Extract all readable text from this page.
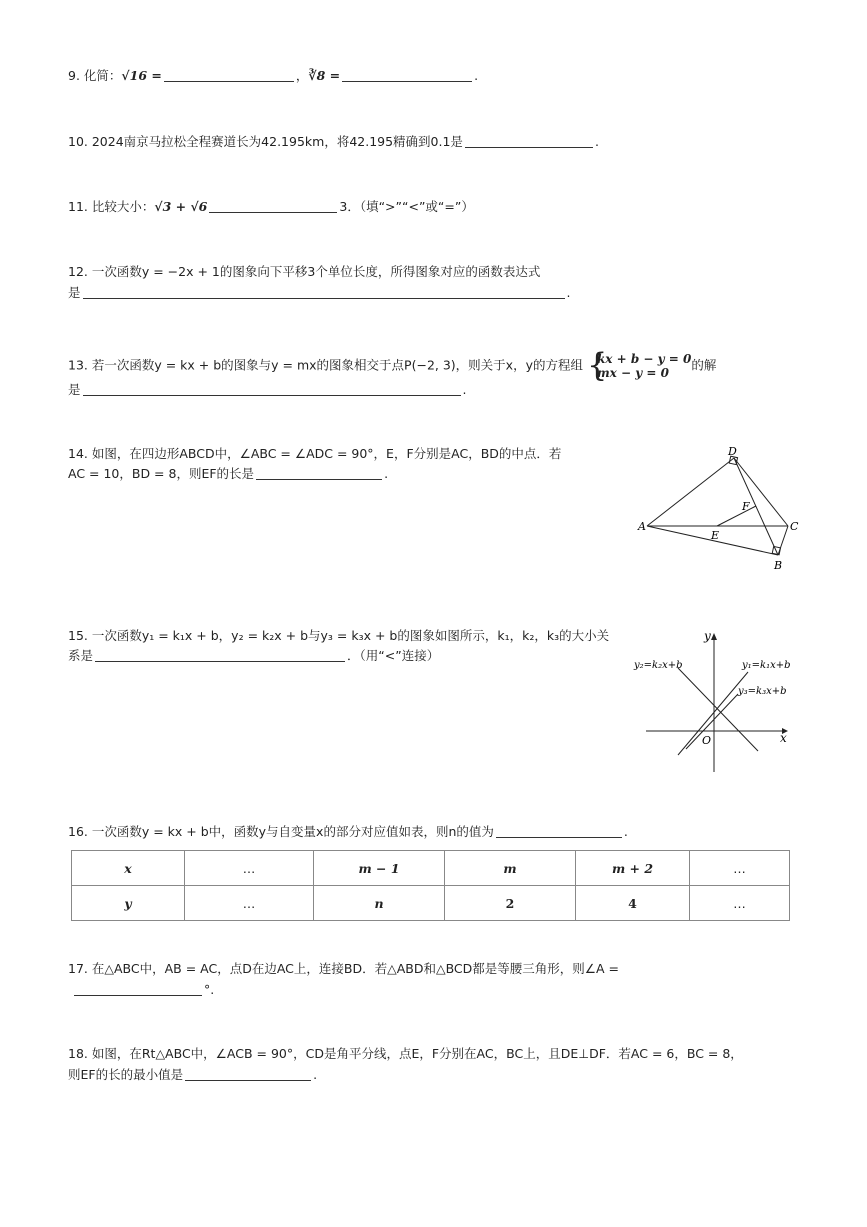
9. 化简：√16 =	，∛8 =	.
10. 2024南京马拉松全程赛道长为42.195km，将42.195精确到0.1是	.
11. 比较大小：√3 + √6	3．（填“>”“<”或“=”）
12. 一次函数y = −2x + 1的图象向下平移3个单位长度，所得图象对应的函数表达式
是	.
13. 若一次函数y = kx + b的图象与y = mx的图象相交于点P(−2, 3)，则关于x，y的方程组 {
kx + b − y = 0
mx − y = 0
的解
是	.
14. 如图，在四边形ABCD中，∠ABC = ∠ADC = 90°，E，F分别是AC，BD的中点．若
AC = 10，BD = 8，则EF的长是	.
D
A	C
B
E
F
15. 一次函数y₁ = k₁x + b，y₂ = k₂x + b与y₃ = k₃x + b的图象如图所示，k₁，k₂，k₃的大小关
系是	．（用“<”连接）
y
x
O
y₂=k₂x+b	y₁=k₁x+b
y₃=k₃x+b
16. 一次函数y = kx + b中，函数y与自变量x的部分对应值如表，则n的值为	.
x	…	m − 1	m	m + 2	…
y	…	n	2	4	…
17. 在△ABC中，AB = AC，点D在边AC上，连接BD．若△ABD和△BCD都是等腰三角形，则∠A =
°.
18. 如图，在Rt△ABC中，∠ACB = 90°，CD是角平分线，点E，F分别在AC，BC上，且DE⊥DF．若AC = 6，BC = 8，
则EF的长的最小值是	.
